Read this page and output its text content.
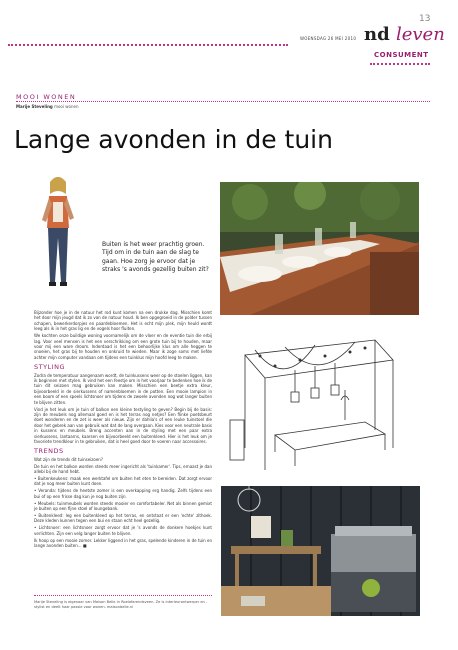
13
WOENSDAG 26 MEI 2010 nd leven
CONSUMENT
MOOI WONEN
Marije Steveling mooi wonen
Lange avonden in de tuin
Buiten is het weer prachtig groen. Tijd om in de tuin aan de slag te gaan. Hoe zorg je ervoor dat je straks 's avonds gezellig buiten zit?

Bijzonder hoe je in de natuur het rod kunt komen na een drukke dag. Misschien komt het door mijn jeugd dat ik zo van de natuur houd. Ik ben opgegroeid in de polder tussen schapen, bewerkerdorpjes en paardebloemen. Het is echt mijn plek, mijn heuld wordt leeg als ik in het gras lig en de vogels hoor fluiten.

We kochten onze buildige woning voornamelijk om de vloer en de eventie tuin die erbij lag. Voor veel mensen is het een verschrikking om een grote tuin bij te houden, maar voor mij een ware droom. Inderdaad is het een behoorlijke klus om alle heggen te snoeien, het gras bij te houden en onkruid te wieden. Maar ik zoge soms met liefde achter mijn computer vandaan om tijdens een tuinklus mijn hoofd leeg te maken.

STYLING

Zodra de temperatuur aangenaam wordt, de tuinkussens weer op de stoelen liggen, kan ik beginnen met stylen. Ik vind het een feestje om in het voorjaar te bedenken hoe ik de tuin dit seizoen mag gebruiken kan maken. Misschien een beetje extra kleur, bijvoorbeeld in de sierkussens of namenbloemen in de potten. Een mooie lampion in een boom of een speels lichtsnoer om tijdens de zwoele avonden nog wat langer buiten te blijven zitten.

Vind je het leuk om je tuin of balkon een kleine testyling te geven? Begin bij de basis: zijn de meubels nog allemaal goed en is het terras nog netjes? Een flinke poetsbeurt doet wonderen en de zet is weer als nieuw. Zijn er dahlia's of een leuke tuinstoel die door het gebrek aan van gebruik wat dat de lang overgaan. Kies voor een neutrale basis in kussens en meubels. Breng accenten aan in de styling met een paar extra sierkussens, lantaarns, kaarsen en bijvoorbeeld een buitenkleed. Hier is het leuk om je favoriete trendkleur in te gebruiken, dat is heel goed door te voeren naar accessoires.

TRENDS

Wat zijn de trends dit tuinseizoen?

De tuin en het balkon worden steeds meer ingericht als 'tuinkamer'. Tips, ernaast je dan allebi bij de hand hebt.

• Buitenkeukens: maak een werktafel om buiten het eten te bereiden. Dat zorgt ervoor dat je nog meer buiten kunt doen.

• Veranda: tijdens de heetste zomer is een overkapping erg handig. Zelfs tijdens een bui of op een frisse dag kun je nog buiten zijn.

• Meubels: tuinmeubels worden steeds mooier en comfortabeler. Net als binnen gemixt je buiten op een fijne stoel of loungebank.

• Buitenkleed: leg een buitenkleed op het terras, en ontstaat er een 'echte' zithoek. Deze kleden kunnen tegen een bui en staan echt heel gezellig.

• Lichtsnoer: een lichtsnoer zorgt ervoor dat je 's avonds de donkere hoekjes kunt verlichten. Zijn een velg langer buiten te blijven.

Ik hoop op een mooie zomer. Lekker liggend in het gras, spelende kinderen in de tuin en lange avonden buiten... ■

Marije Steveling is eigenaar van Maison Belle in Roelofarendsveen. Ze is interieurontwerper en -stylist en deelt haar passie voor wonen. maisonbelle.nl
